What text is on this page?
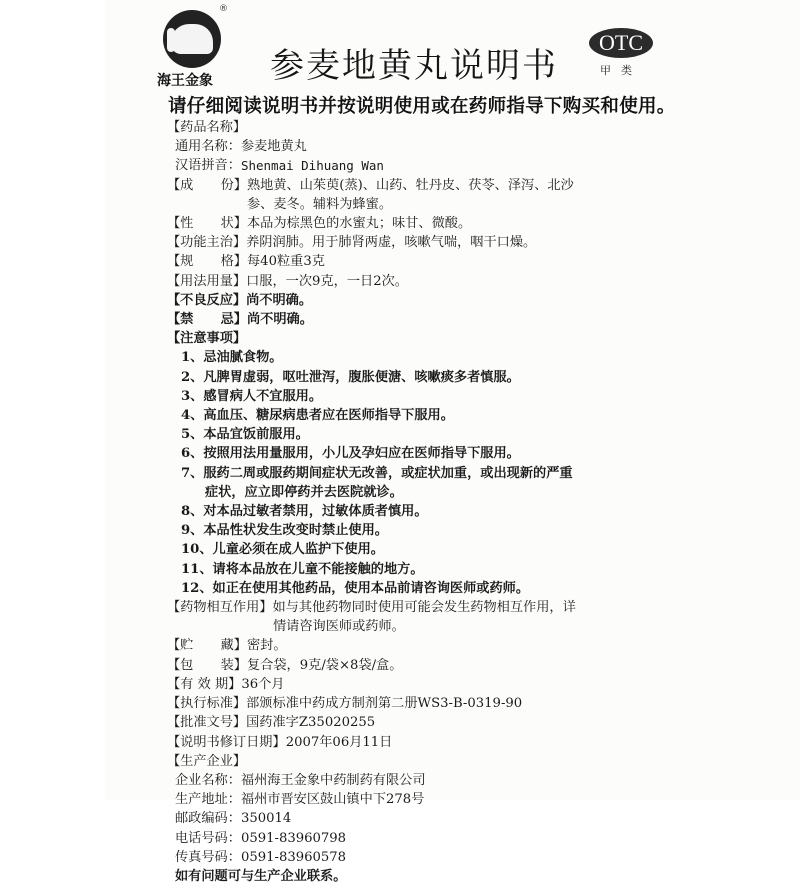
®
海王金象	参麦地黄丸说明书
OTC
甲类
请仔细阅读说明书并按说明使用或在药师指导下购买和使用。
【药品名称】
通用名称： 参麦地黄丸
汉语拼音： Shenmai Dihuang Wan
【成 份】 熟地黄、山茱萸(蒸)、山药、牡丹皮、茯苓、泽泻、北沙
参、麦冬。辅料为蜂蜜。
【性 状】 本品为棕黑色的水蜜丸；味甘、微酸。
【功能主治】 养阴润肺。用于肺肾两虚，咳嗽气喘，咽干口燥。
【规 格】 每40粒重3克
【用法用量】 口服，一次9克，一日2次。
【不良反应】 尚不明确。
【禁 忌】 尚不明确。
【注意事项】
1、忌油腻食物。
2、凡脾胃虚弱，呕吐泄泻，腹胀便溏、咳嗽痰多者慎服。
3、感冒病人不宜服用。
4、高血压、糖尿病患者应在医师指导下服用。
5、本品宜饭前服用。
6、按照用法用量服用，小儿及孕妇应在医师指导下服用。
7、服药二周或服药期间症状无改善，或症状加重，或出现新的严重
症状，应立即停药并去医院就诊。
8、对本品过敏者禁用，过敏体质者慎用。
9、本品性状发生改变时禁止使用。
10、儿童必须在成人监护下使用。
11、请将本品放在儿童不能接触的地方。
12、如正在使用其他药品，使用本品前请咨询医师或药师。
【药物相互作用】 如与其他药物同时使用可能会发生药物相互作用，详
情请咨询医师或药师。
【贮 藏】 密封。
【包 装】 复合袋，9克/袋×8袋/盒。
【有 效 期】 36个月
【执行标准】 部颁标准中药成方制剂第二册WS3-B-0319-90
【批准文号】 国药准字Z35020255
【说明书修订日期】 2007年06月11日
【生产企业】
企业名称： 福州海王金象中药制药有限公司
生产地址： 福州市晋安区鼓山镇中下278号
邮政编码： 350014
电话号码： 0591-83960798
传真号码： 0591-83960578
如有问题可与生产企业联系。
